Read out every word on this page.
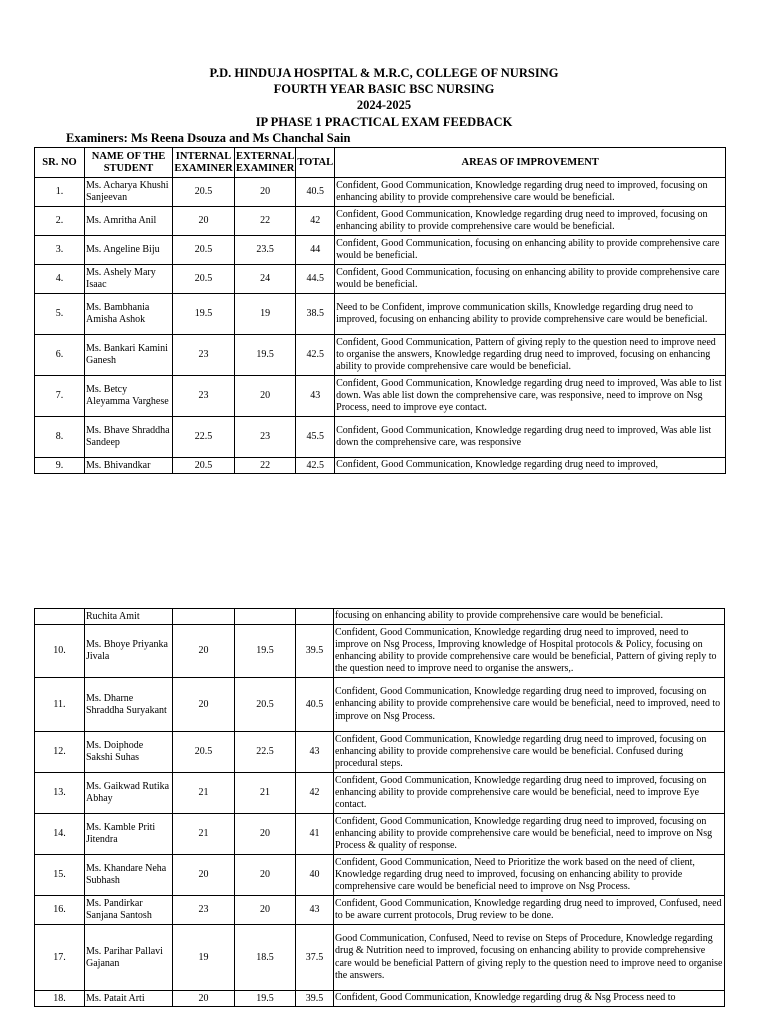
P.D. HINDUJA HOSPITAL & M.R.C, COLLEGE OF NURSING
FOURTH YEAR BASIC BSC NURSING
2024-2025
IP PHASE 1 PRACTICAL EXAM FEEDBACK
Examiners: Ms Reena Dsouza and Ms Chanchal Sain
SR. NO	NAME OF THE STUDENT	INTERNAL EXAMINER	EXTERNAL EXAMINER	TOTAL	AREAS OF IMPROVEMENT
1.	Ms. Acharya Khushi Sanjeevan	20.5	20	40.5	Confident, Good Communication, Knowledge regarding drug need to improved, focusing on enhancing ability to provide comprehensive care would be beneficial.
2.	Ms. Amritha Anil	20	22	42	Confident, Good Communication, Knowledge regarding drug need to improved, focusing on enhancing ability to provide comprehensive care would be beneficial.
3.	Ms. Angeline Biju	20.5	23.5	44	Confident, Good Communication, focusing on enhancing ability to provide comprehensive care would be beneficial.
4.	Ms. Ashely Mary Isaac	20.5	24	44.5	Confident, Good Communication, focusing on enhancing ability to provide comprehensive care would be beneficial.
5.	Ms. Bambhania Amisha Ashok	19.5	19	38.5	Need to be Confident, improve communication skills, Knowledge regarding drug need to improved, focusing on enhancing ability to provide comprehensive care would be beneficial.
6.	Ms. Bankari Kamini Ganesh	23	19.5	42.5	Confident, Good Communication, Pattern of giving reply to the question need to improve need to organise the answers, Knowledge regarding drug need to improved, focusing on enhancing ability to provide comprehensive care would be beneficial.
7.	Ms. Betcy Aleyamma Varghese	23	20	43	Confident, Good Communication, Knowledge regarding drug need to improved, Was able to list down. Was able list down the comprehensive care, was responsive, need to improve on Nsg Process, need to improve eye contact.
8.	Ms. Bhave Shraddha Sandeep	22.5	23	45.5	Confident, Good Communication, Knowledge regarding drug need to improved, Was able list down the comprehensive care, was responsive
9.	Ms. Bhivandkar	20.5	22	42.5	Confident, Good Communication, Knowledge regarding drug need to improved,
	Ruchita Amit				focusing on enhancing ability to provide comprehensive care would be beneficial.
10.	Ms. Bhoye Priyanka Jivala	20	19.5	39.5	Confident, Good Communication, Knowledge regarding drug need to improved, need to improve on Nsg Process, Improving knowledge of Hospital protocols & Policy, focusing on enhancing ability to provide comprehensive care would be beneficial, Pattern of giving reply to the question need to improve need to organise the answers,.
11.	Ms. Dharne Shraddha Suryakant	20	20.5	40.5	Confident, Good Communication, Knowledge regarding drug need to improved, focusing on enhancing ability to provide comprehensive care would be beneficial, need to improved, need to improve on Nsg Process.
12.	Ms. Doiphode Sakshi Suhas	20.5	22.5	43	Confident, Good Communication, Knowledge regarding drug need to improved, focusing on enhancing ability to provide comprehensive care would be beneficial. Confused during procedural steps.
13.	Ms. Gaikwad Rutika Abhay	21	21	42	Confident, Good Communication, Knowledge regarding drug need to improved, focusing on enhancing ability to provide comprehensive care would be beneficial, need to improve Eye contact.
14.	Ms. Kamble Priti Jitendra	21	20	41	Confident, Good Communication, Knowledge regarding drug need to improved, focusing on enhancing ability to provide comprehensive care would be beneficial, need to improve on Nsg Process & quality of response.
15.	Ms. Khandare Neha Subhash	20	20	40	Confident, Good Communication, Need to Prioritize the work based on the need of client, Knowledge regarding drug need to improved, focusing on enhancing ability to provide comprehensive care would be beneficial need to improve on Nsg Process.
16.	Ms. Pandirkar Sanjana Santosh	23	20	43	Confident, Good Communication, Knowledge regarding drug need to improved, Confused, need to be aware current protocols, Drug review to be done.
17.	Ms. Parihar Pallavi Gajanan	19	18.5	37.5	Good Communication, Confused, Need to revise on Steps of Procedure, Knowledge regarding drug & Nutrition need to improved, focusing on enhancing ability to provide comprehensive care would be beneficial Pattern of giving reply to the question need to improve need to organise the answers.
18.	Ms. Patait Arti	20	19.5	39.5	Confident, Good Communication, Knowledge regarding drug & Nsg Process need to
